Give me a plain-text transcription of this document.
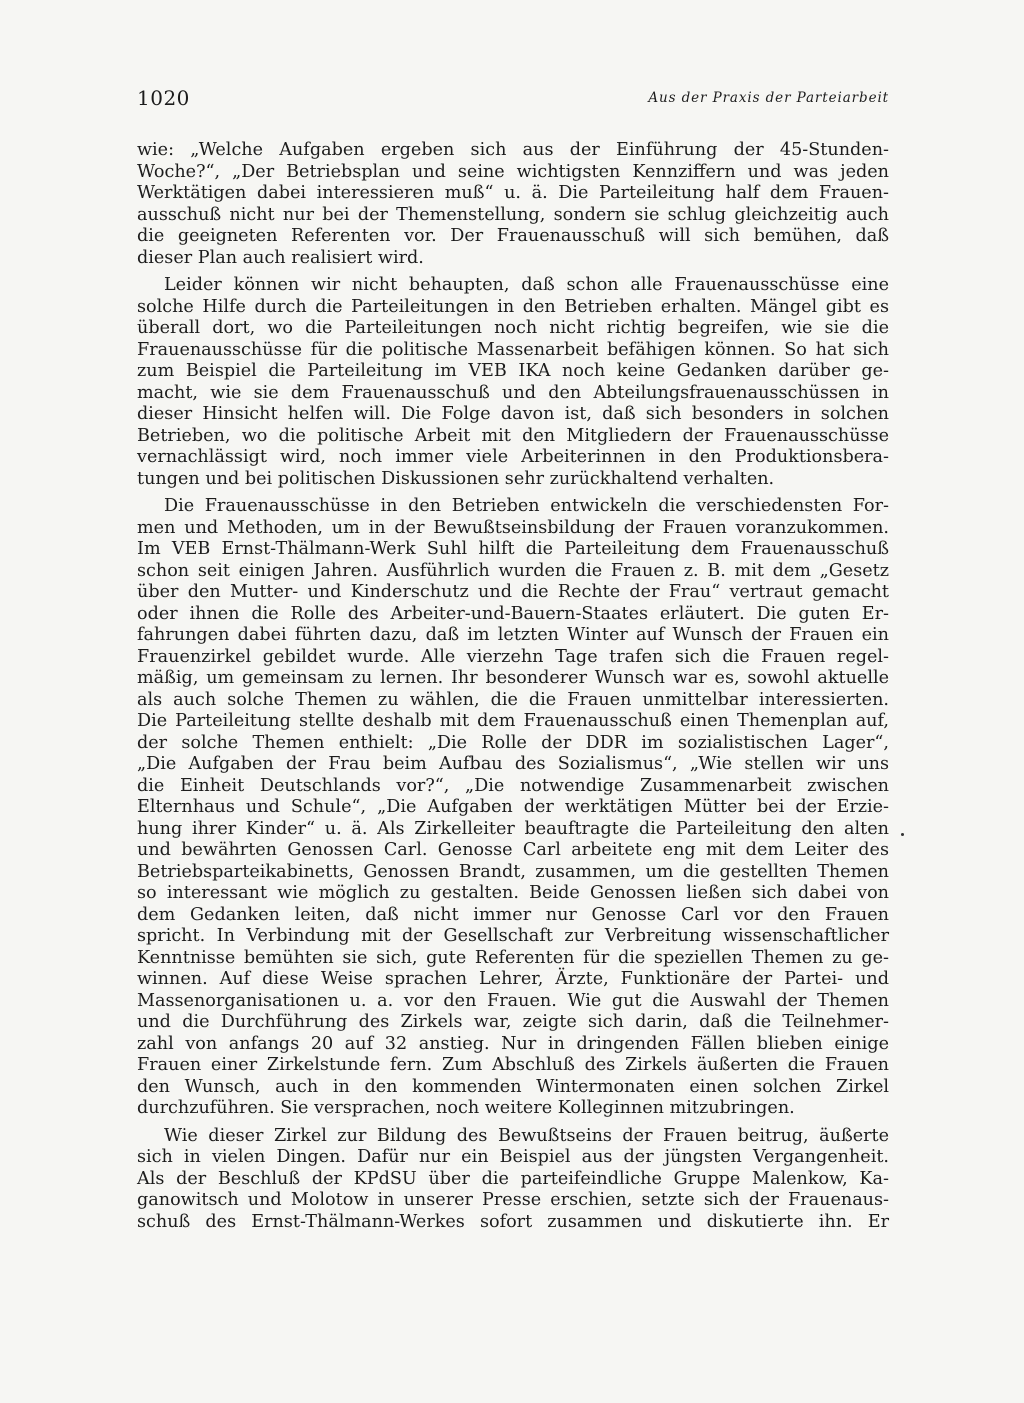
1020	Aus der Praxis der Parteiarbeit

wie: „Welche Aufgaben ergeben sich aus der Einführung der 45-Stunden-
Woche?“, „Der Betriebsplan und seine wichtigsten Kennziffern und was jeden
Werktätigen dabei interessieren muß“ u. ä. Die Parteileitung half dem Frauen-
ausschuß nicht nur bei der Themenstellung, sondern sie schlug gleichzeitig auch
die geeigneten Referenten vor. Der Frauenausschuß will sich bemühen, daß
dieser Plan auch realisiert wird.

Leider können wir nicht behaupten, daß schon alle Frauenausschüsse eine
solche Hilfe durch die Parteileitungen in den Betrieben erhalten. Mängel gibt es
überall dort, wo die Parteileitungen noch nicht richtig begreifen, wie sie die
Frauenausschüsse für die politische Massenarbeit befähigen können. So hat sich
zum Beispiel die Parteileitung im VEB IKA noch keine Gedanken darüber ge-
macht, wie sie dem Frauenausschuß und den Abteilungsfrauenausschüssen in
dieser Hinsicht helfen will. Die Folge davon ist, daß sich besonders in solchen
Betrieben, wo die politische Arbeit mit den Mitgliedern der Frauenausschüsse
vernachlässigt wird, noch immer viele Arbeiterinnen in den Produktionsbera-
tungen und bei politischen Diskussionen sehr zurückhaltend verhalten.

Die Frauenausschüsse in den Betrieben entwickeln die verschiedensten For-
men und Methoden, um in der Bewußtseinsbildung der Frauen voranzukommen.
Im VEB Ernst-Thälmann-Werk Suhl hilft die Parteileitung dem Frauenausschuß
schon seit einigen Jahren. Ausführlich wurden die Frauen z. B. mit dem „Gesetz
über den Mutter- und Kinderschutz und die Rechte der Frau“ vertraut gemacht
oder ihnen die Rolle des Arbeiter-und-Bauern-Staates erläutert. Die guten Er-
fahrungen dabei führten dazu, daß im letzten Winter auf Wunsch der Frauen ein
Frauenzirkel gebildet wurde. Alle vierzehn Tage trafen sich die Frauen regel-
mäßig, um gemeinsam zu lernen. Ihr besonderer Wunsch war es, sowohl aktuelle
als auch solche Themen zu wählen, die die Frauen unmittelbar interessierten.
Die Parteileitung stellte deshalb mit dem Frauenausschuß einen Themenplan auf,
der solche Themen enthielt: „Die Rolle der DDR im sozialistischen Lager“,
„Die Aufgaben der Frau beim Aufbau des Sozialismus“, „Wie stellen wir uns
die Einheit Deutschlands vor?“, „Die notwendige Zusammenarbeit zwischen
Elternhaus und Schule“, „Die Aufgaben der werktätigen Mütter bei der Erzie-
hung ihrer Kinder“ u. ä. Als Zirkelleiter beauftragte die Parteileitung den alten
und bewährten Genossen Carl. Genosse Carl arbeitete eng mit dem Leiter des
Betriebsparteikabinetts, Genossen Brandt, zusammen, um die gestellten Themen
so interessant wie möglich zu gestalten. Beide Genossen ließen sich dabei von
dem Gedanken leiten, daß nicht immer nur Genosse Carl vor den Frauen
spricht. In Verbindung mit der Gesellschaft zur Verbreitung wissenschaftlicher
Kenntnisse bemühten sie sich, gute Referenten für die speziellen Themen zu ge-
winnen. Auf diese Weise sprachen Lehrer, Ärzte, Funktionäre der Partei- und
Massenorganisationen u. a. vor den Frauen. Wie gut die Auswahl der Themen
und die Durchführung des Zirkels war, zeigte sich darin, daß die Teilnehmer-
zahl von anfangs 20 auf 32 anstieg. Nur in dringenden Fällen blieben einige
Frauen einer Zirkelstunde fern. Zum Abschluß des Zirkels äußerten die Frauen
den Wunsch, auch in den kommenden Wintermonaten einen solchen Zirkel
durchzuführen. Sie versprachen, noch weitere Kolleginnen mitzubringen.

Wie dieser Zirkel zur Bildung des Bewußtseins der Frauen beitrug, äußerte
sich in vielen Dingen. Dafür nur ein Beispiel aus der jüngsten Vergangenheit.
Als der Beschluß der KPdSU über die parteifeindliche Gruppe Malenkow, Ka-
ganowitsch und Molotow in unserer Presse erschien, setzte sich der Frauenaus-
schuß des Ernst-Thälmann-Werkes sofort zusammen und diskutierte ihn. Er
